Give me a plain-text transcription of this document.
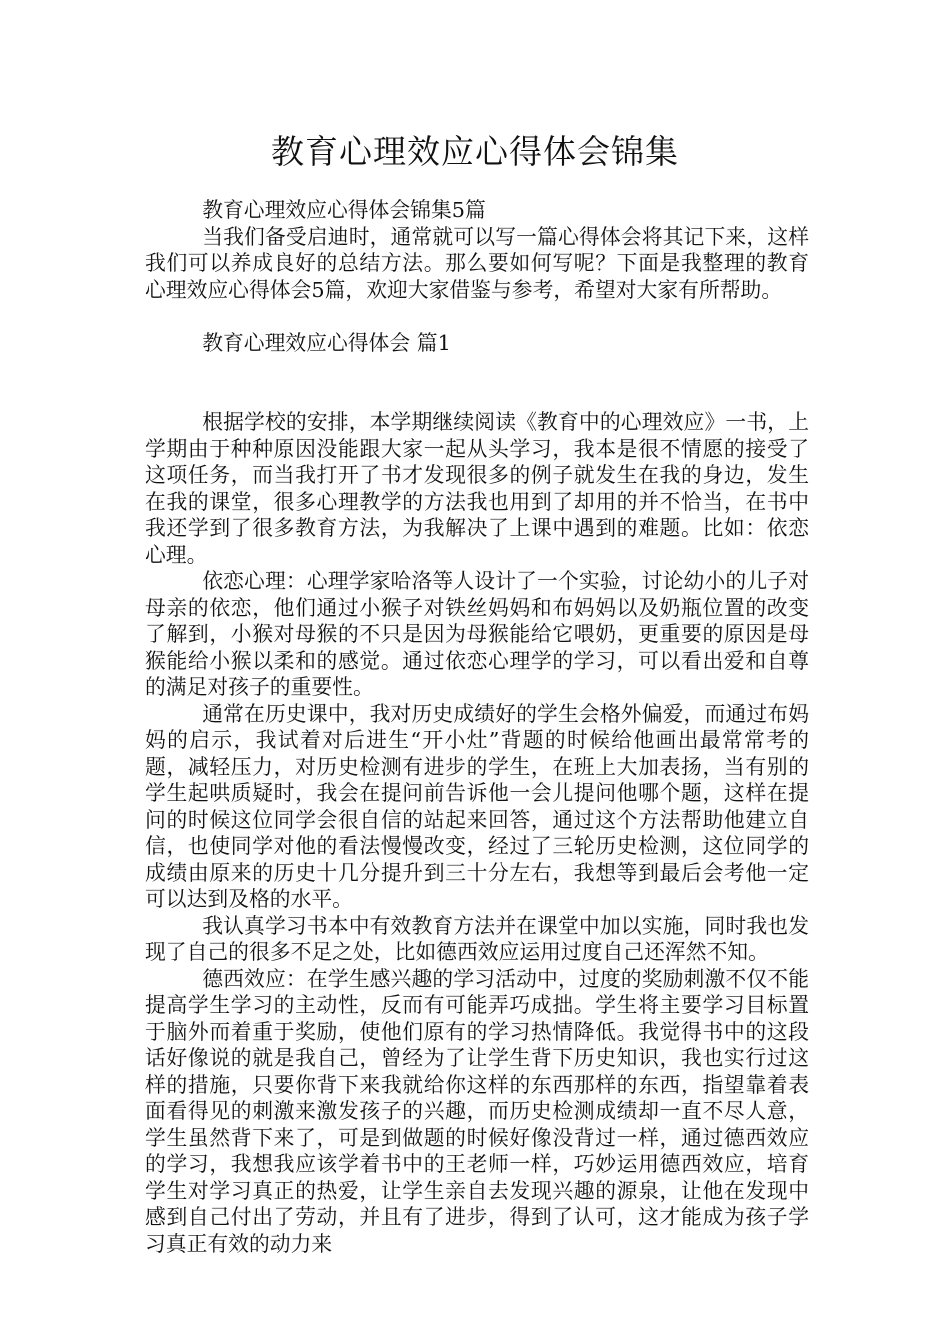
教育心理效应心得体会锦集

教育心理效应心得体会锦集5篇

当我们备受启迪时，通常就可以写一篇心得体会将其记下来，这样我们可以养成良好的总结方法。那么要如何写呢？下面是我整理的教育心理效应心得体会5篇，欢迎大家借鉴与参考，希望对大家有所帮助。

教育心理效应心得体会 篇1

根据学校的安排，本学期继续阅读《教育中的心理效应》一书，上学期由于种种原因没能跟大家一起从头学习，我本是很不情愿的接受了这项任务，而当我打开了书才发现很多的例子就发生在我的身边，发生在我的课堂，很多心理教学的方法我也用到了却用的并不恰当，在书中我还学到了很多教育方法，为我解决了上课中遇到的难题。比如：依恋心理。

依恋心理：心理学家哈洛等人设计了一个实验，讨论幼小的儿子对母亲的依恋，他们通过小猴子对铁丝妈妈和布妈妈以及奶瓶位置的改变了解到，小猴对母猴的不只是因为母猴能给它喂奶，更重要的原因是母猴能给小猴以柔和的感觉。通过依恋心理学的学习，可以看出爱和自尊的满足对孩子的重要性。

通常在历史课中，我对历史成绩好的学生会格外偏爱，而通过布妈妈的启示，我试着对后进生“开小灶”背题的时候给他画出最常常考的题，减轻压力，对历史检测有进步的学生，在班上大加表扬，当有别的学生起哄质疑时，我会在提问前告诉他一会儿提问他哪个题，这样在提问的时候这位同学会很自信的站起来回答，通过这个方法帮助他建立自信，也使同学对他的看法慢慢改变，经过了三轮历史检测，这位同学的成绩由原来的历史十几分提升到三十分左右，我想等到最后会考他一定可以达到及格的水平。

我认真学习书本中有效教育方法并在课堂中加以实施，同时我也发现了自己的很多不足之处，比如德西效应运用过度自己还浑然不知。

德西效应：在学生感兴趣的学习活动中，过度的奖励刺激不仅不能提高学生学习的主动性，反而有可能弄巧成拙。学生将主要学习目标置于脑外而着重于奖励，使他们原有的学习热情降低。我觉得书中的这段话好像说的就是我自己，曾经为了让学生背下历史知识，我也实行过这样的措施，只要你背下来我就给你这样的东西那样的东西，指望靠着表面看得见的刺激来激发孩子的兴趣，而历史检测成绩却一直不尽人意，学生虽然背下来了，可是到做题的时候好像没背过一样，通过德西效应的学习，我想我应该学着书中的王老师一样，巧妙运用德西效应，培育学生对学习真正的热爱，让学生亲自去发现兴趣的源泉，让他在发现中感到自己付出了劳动，并且有了进步，得到了认可，这才能成为孩子学习真正有效的动力来
